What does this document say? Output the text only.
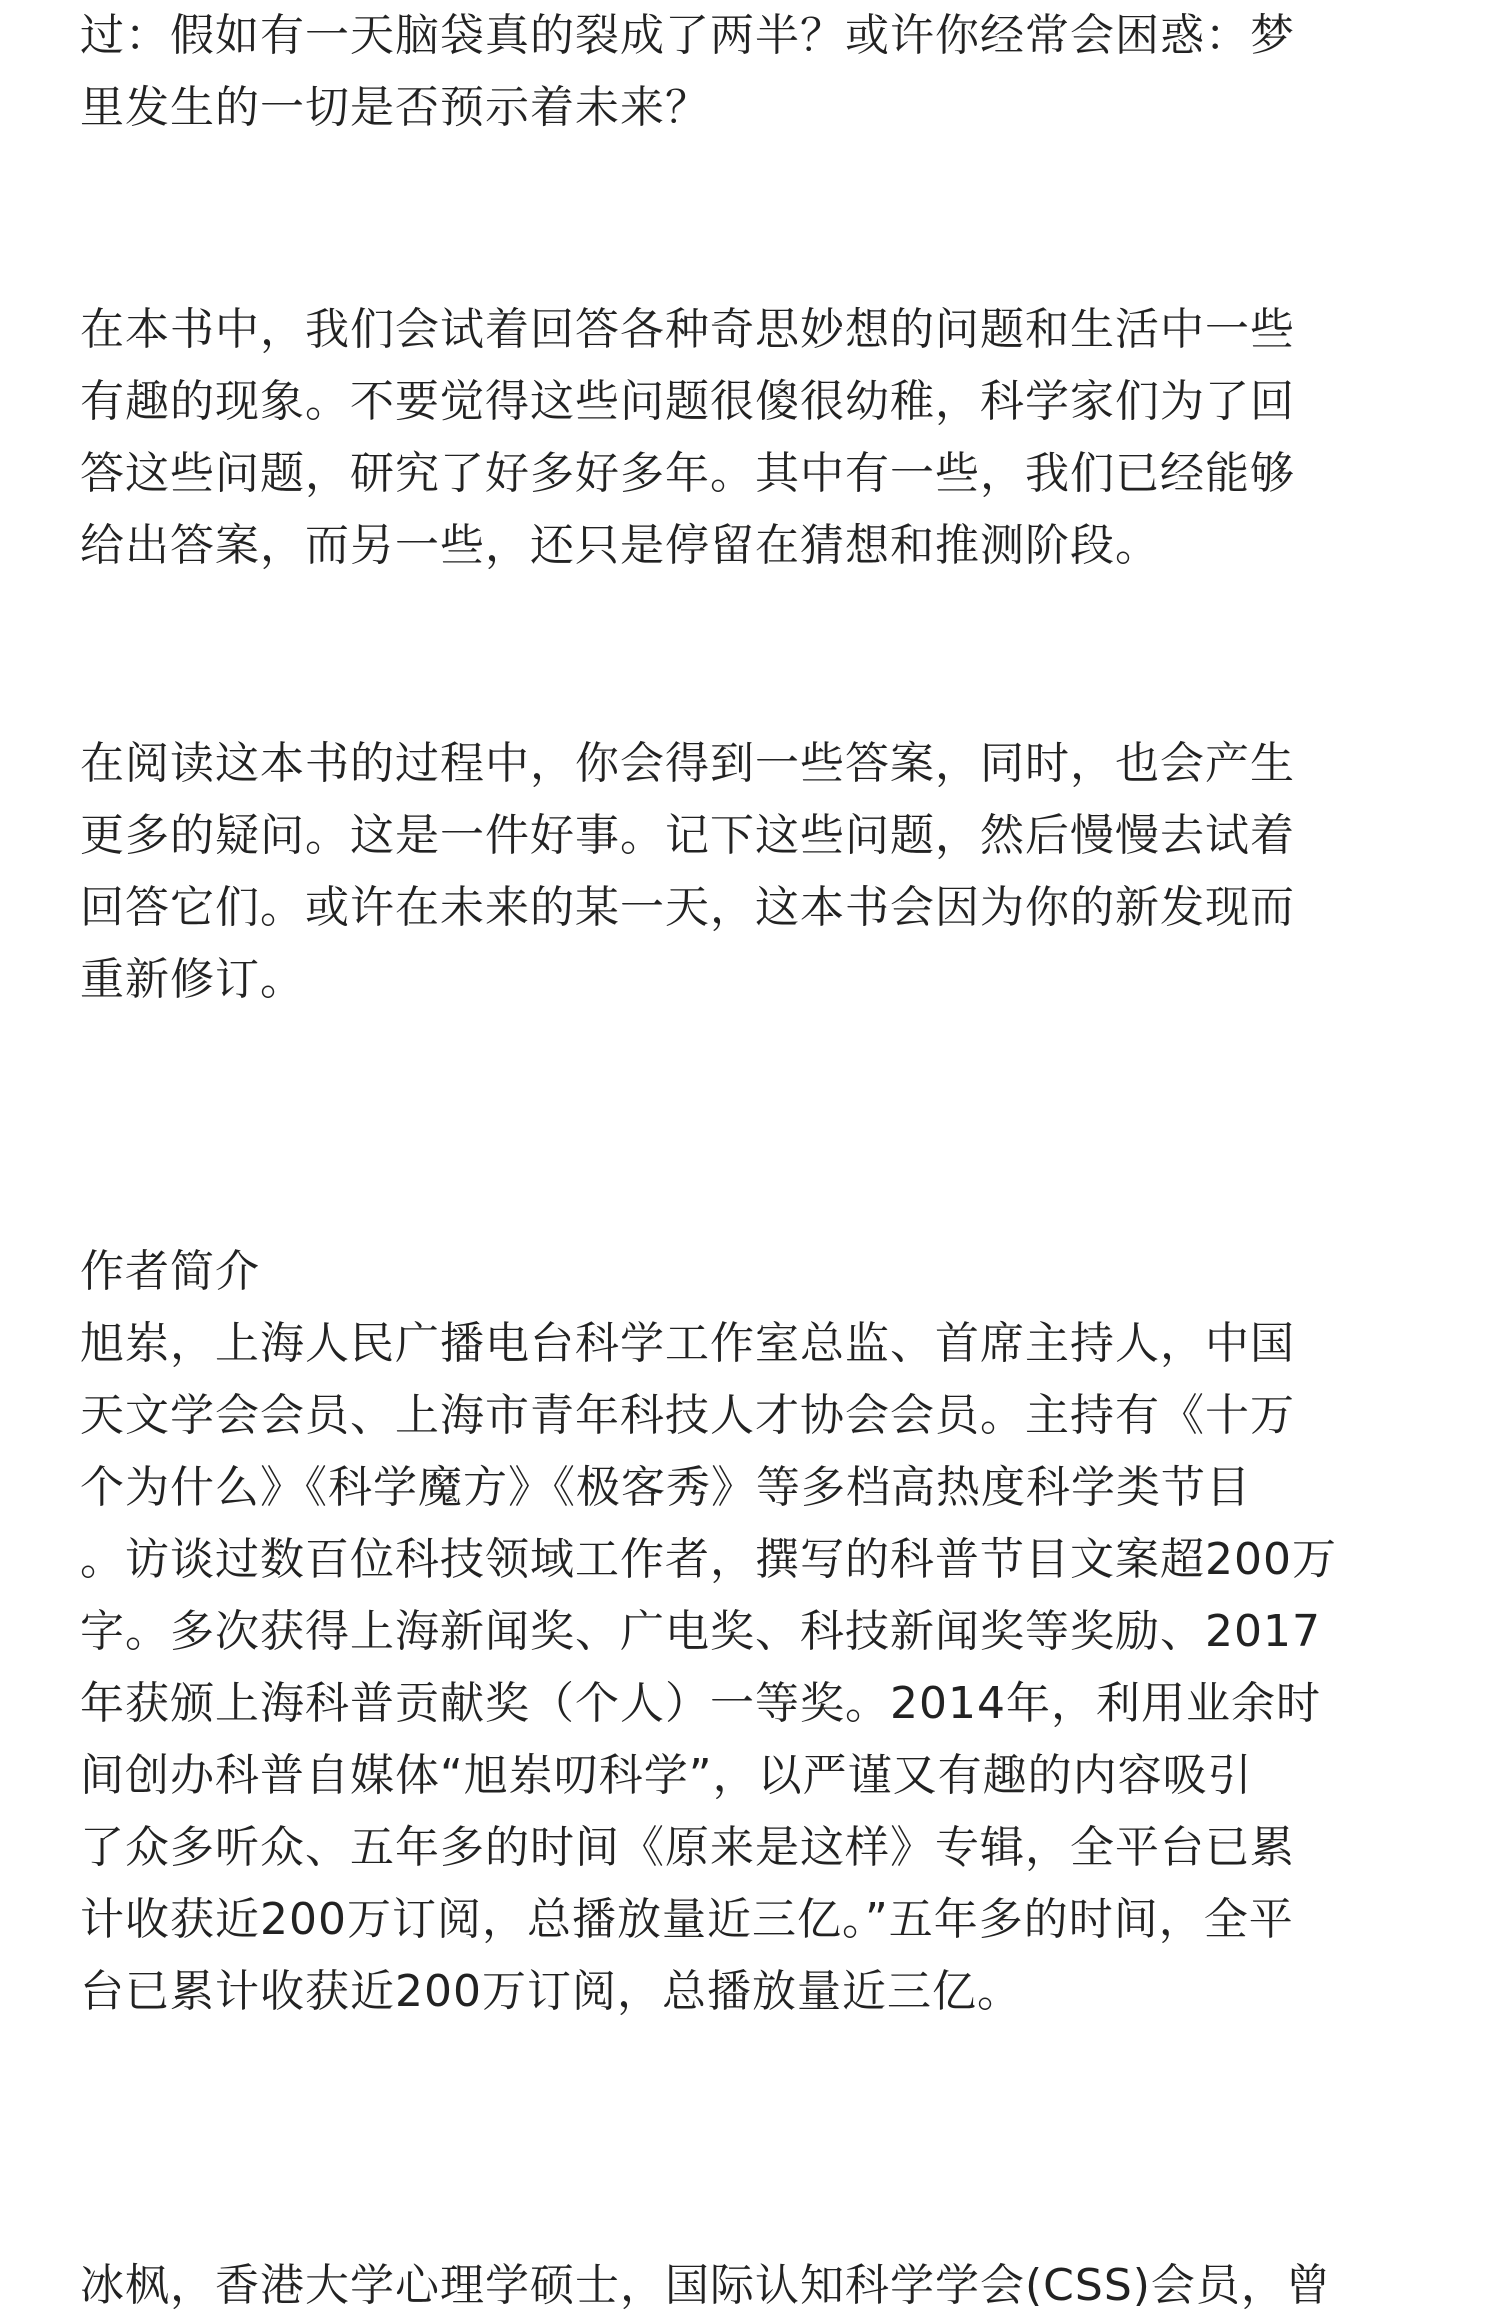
过：假如有一天脑袋真的裂成了两半？或许你经常会困惑：梦
里发生的一切是否预示着未来？
在本书中，我们会试着回答各种奇思妙想的问题和生活中一些
有趣的现象。不要觉得这些问题很傻很幼稚，科学家们为了回
答这些问题，研究了好多好多年。其中有一些，我们已经能够
给出答案，而另一些，还只是停留在猜想和推测阶段。
在阅读这本书的过程中，你会得到一些答案，同时，也会产生
更多的疑问。这是一件好事。记下这些问题，然后慢慢去试着
回答它们。或许在未来的某一天，这本书会因为你的新发现而
重新修订。
作者简介
旭岽，上海人民广播电台科学工作室总监、首席主持人，中国
天文学会会员、上海市青年科技人才协会会员。主持有《十万
个为什么》《科学魔方》《极客秀》等多档高热度科学类节目
。访谈过数百位科技领域工作者，撰写的科普节目文案超200万
字。多次获得上海新闻奖、广电奖、科技新闻奖等奖励、2017
年获颁上海科普贡献奖（个人）一等奖。2014年，利用业余时
间创办科普自媒体“旭岽叨科学”，以严谨又有趣的内容吸引
了众多听众、五年多的时间《原来是这样》专辑，全平台已累
计收获近200万订阅，总播放量近三亿。”五年多的时间，全平
台已累计收获近200万订阅，总播放量近三亿。
冰枫，香港大学心理学硕士，国际认知科学学会(CSS)会员，曾
